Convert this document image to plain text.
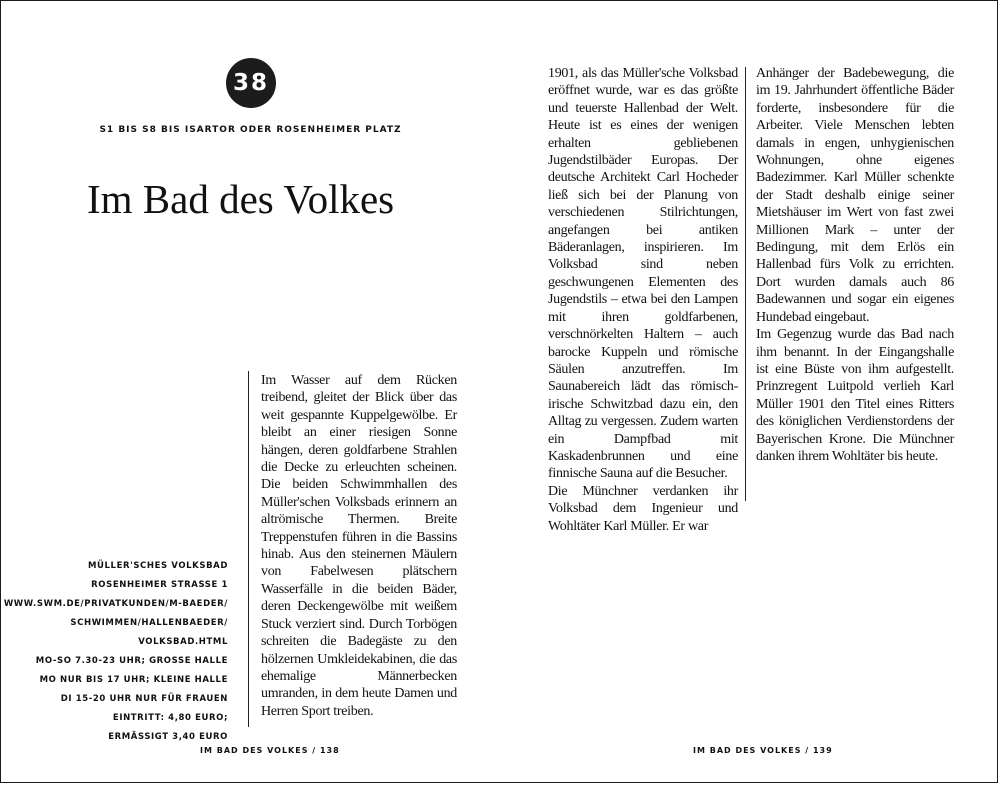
38
S1 BIS S8 BIS ISARTOR ODER ROSENHEIMER PLATZ
Im Bad des Volkes
MÜLLER'SCHES VOLKSBAD
ROSENHEIMER STRASSE 1
WWW.SWM.DE/PRIVATKUNDEN/M-BAEDER/
SCHWIMMEN/HALLENBAEDER/
VOLKSBAD.HTML
MO-SO 7.30-23 UHR; GROSSE HALLE
MO NUR BIS 17 UHR; KLEINE HALLE
DI 15-20 UHR NUR FÜR FRAUEN
EINTRITT: 4,80 EURO;
ERMÄSSIGT 3,40 EURO

Im Wasser auf dem Rücken treibend, gleitet der Blick über das weit gespannte Kuppelgewölbe. Er bleibt an einer riesigen Sonne hängen, deren goldfarbene Strahlen die Decke zu erleuchten scheinen. Die beiden Schwimmhallen des Müller'schen Volksbads erinnern an altrömische Thermen. Breite Treppenstufen führen in die Bassins hinab. Aus den steinernen Mäulern von Fabelwesen plätschern Wasserfälle in die beiden Bäder, deren Deckengewölbe mit weißem Stuck verziert sind. Durch Torbögen schreiten die Badegäste zu den hölzernen Umkleidekabinen, die das ehemalige Männerbecken umranden, in dem heute Damen und Herren Sport treiben.

IM BAD DES VOLKES / 138

1901, als das Müller'sche Volksbad eröffnet wurde, war es das größte und teuerste Hallenbad der Welt. Heute ist es eines der wenigen erhalten gebliebenen Jugendstilbäder Europas. Der deutsche Architekt Carl Hocheder ließ sich bei der Planung von verschiedenen Stilrichtungen, angefangen bei antiken Bäderanlagen, inspirieren. Im Volksbad sind neben geschwungenen Elementen des Jugendstils – etwa bei den Lampen mit ihren goldfarbenen, verschnörkelten Haltern – auch barocke Kuppeln und römische Säulen anzutreffen. Im Saunabereich lädt das römisch-irische Schwitzbad dazu ein, den Alltag zu vergessen. Zudem warten ein Dampfbad mit Kaskadenbrunnen und eine finnische Sauna auf die Besucher.

Die Münchner verdanken ihr Volksbad dem Ingenieur und Wohltäter Karl Müller. Er war

Anhänger der Badebewegung, die im 19. Jahrhundert öffentliche Bäder forderte, insbesondere für die Arbeiter. Viele Menschen lebten damals in engen, unhygienischen Wohnungen, ohne eigenes Badezimmer. Karl Müller schenkte der Stadt deshalb einige seiner Mietshäuser im Wert von fast zwei Millionen Mark – unter der Bedingung, mit dem Erlös ein Hallenbad fürs Volk zu errichten. Dort wurden damals auch 86 Badewannen und sogar ein eigenes Hundebad eingebaut.

Im Gegenzug wurde das Bad nach ihm benannt. In der Eingangshalle ist eine Büste von ihm aufgestellt. Prinzregent Luitpold verlieh Karl Müller 1901 den Titel eines Ritters des königlichen Verdienstordens der Bayerischen Krone. Die Münchner danken ihrem Wohltäter bis heute.

IM BAD DES VOLKES / 139
